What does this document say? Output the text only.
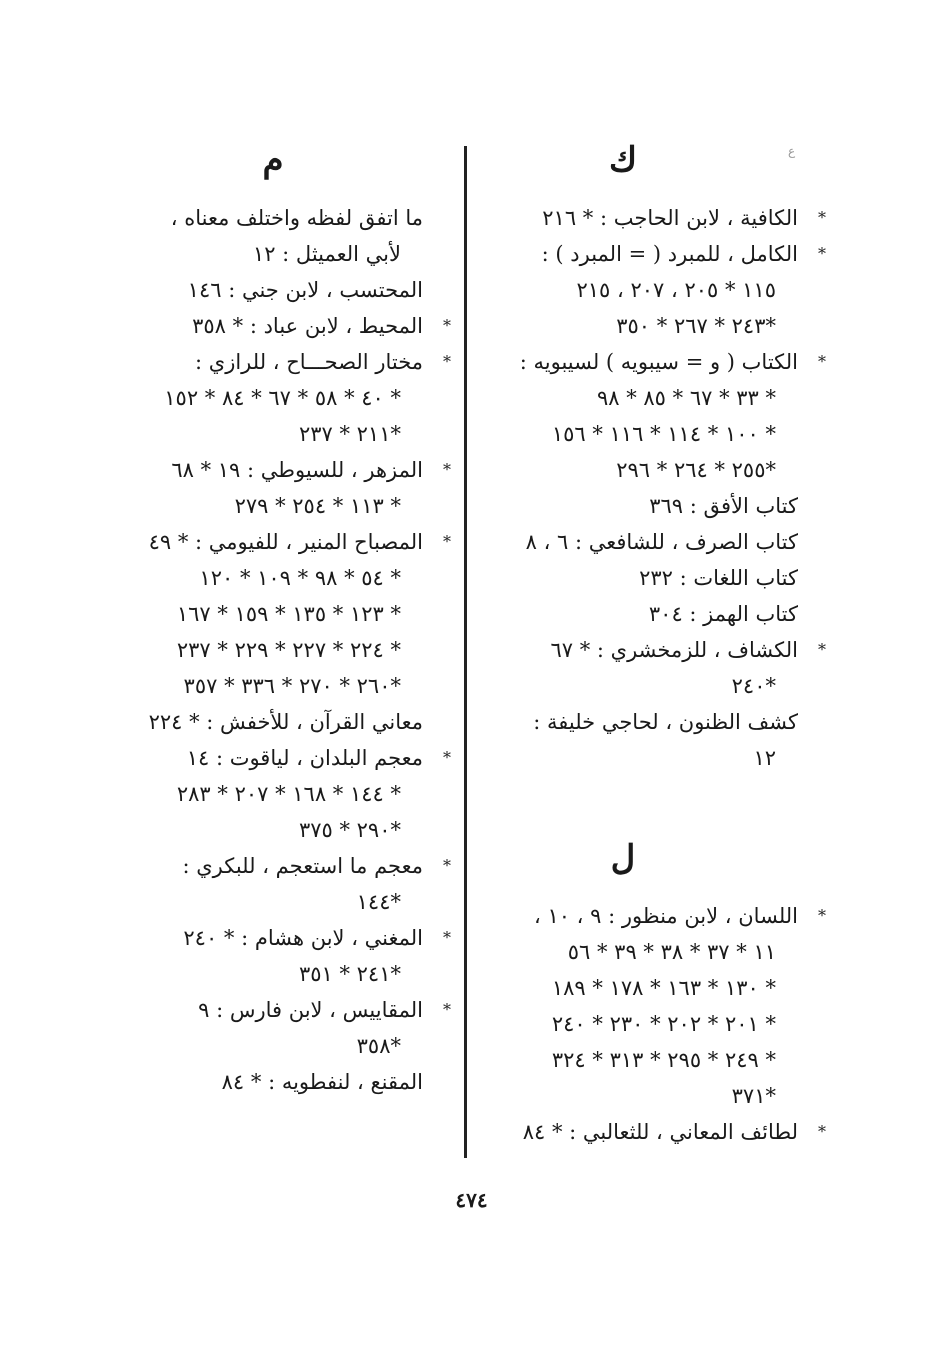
ع
ك
* الكافية ، لابن الحاجب : * ٢١٦
* الكامل ، للمبرد ( = المبرد ) :
١١٥ * ٢٠٥ ، ٢٠٧ ، ٢١٥
*٢٤٣ * ٢٦٧ * ٣٥٠
* الكتاب ( و = سيبويه ) لسيبويه :
* ٣٣ * ٦٧ * ٨٥ * ٩٨
* ١٠٠ * ١١٤ * ١١٦ * ١٥٦
*٢٥٥ * ٢٦٤ * ٢٩٦
كتاب الأفق : ٣٦٩
كتاب الصرف ، للشافعي : ٦ ، ٨
كتاب اللغات : ٢٣٢
كتاب الهمز : ٣٠٤
* الكشاف ، للزمخشري : * ٦٧
*٢٤٠
كشف الظنون ، لحاجي خليفة :
١٢
ل
* اللسان ، لابن منظور : ٩ ، ١٠ ،
١١ * ٣٧ * ٣٨ * ٣٩ * ٥٦
* ١٣٠ * ١٦٣ * ١٧٨ * ١٨٩
* ٢٠١ * ٢٠٢ * ٢٣٠ * ٢٤٠
* ٢٤٩ * ٢٩٥ * ٣١٣ * ٣٢٤
*٣٧١
* لطائف المعاني ، للثعالبي : * ٨٤
م
ما اتفق لفظه واختلف معناه ،
لأبي العميثل : ١٢
المحتسب ، لابن جني : ١٤٦
* المحيط ، لابن عباد : * ٣٥٨
* مختار الصحـــاح ، للرازي :
* ٤٠ * ٥٨ * ٦٧ * ٨٤ * ١٥٢
*٢١١ * ٢٣٧
* المزهر ، للسيوطي : ١٩ * ٦٨
* ١١٣ * ٢٥٤ * ٢٧٩
* المصباح المنير ، للفيومي : * ٤٩
* ٥٤ * ٩٨ * ١٠٩ * ١٢٠
* ١٢٣ * ١٣٥ * ١٥٩ * ١٦٧
* ٢٢٤ * ٢٢٧ * ٢٢٩ * ٢٣٧
*٢٦٠ * ٢٧٠ * ٣٣٦ * ٣٥٧
معاني القرآن ، للأخفش : * ٢٢٤
* معجم البلدان ، لياقوت : ١٤
* ١٤٤ * ١٦٨ * ٢٠٧ * ٢٨٣
*٢٩٠ * ٣٧٥
* معجم ما استعجم ، للبكري :
*١٤٤
* المغني ، لابن هشام : * ٢٤٠
*٢٤١ * ٣٥١
* المقاييس ، لابن فارس : ٩
*٣٥٨
المقنع ، لنفطويه : * ٨٤
٤٧٤
